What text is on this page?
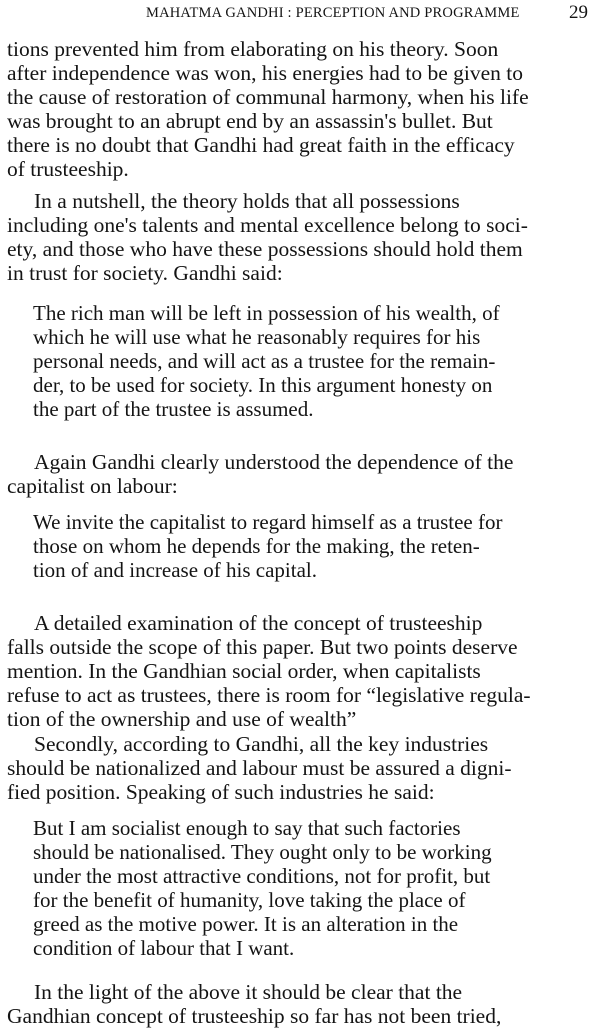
MAHATMA GANDHI : PERCEPTION AND PROGRAMME	29
tions prevented him from elaborating on his theory. Soon
after independence was won, his energies had to be given to
the cause of restoration of communal harmony, when his life
was brought to an abrupt end by an assassin's bullet. But
there is no doubt that Gandhi had great faith in the efficacy
of trusteeship.
In a nutshell, the theory holds that all possessions
including one's talents and mental excellence belong to soci-
ety, and those who have these possessions should hold them
in trust for society. Gandhi said:
The rich man will be left in possession of his wealth, of
which he will use what he reasonably requires for his
personal needs, and will act as a trustee for the remain-
der, to be used for society. In this argument honesty on
the part of the trustee is assumed.
Again Gandhi clearly understood the dependence of the
capitalist on labour:
We invite the capitalist to regard himself as a trustee for
those on whom he depends for the making, the reten-
tion of and increase of his capital.
A detailed examination of the concept of trusteeship
falls outside the scope of this paper. But two points deserve
mention. In the Gandhian social order, when capitalists
refuse to act as trustees, there is room for “legislative regula-
tion of the ownership and use of wealth”
Secondly, according to Gandhi, all the key industries
should be nationalized and labour must be assured a digni-
fied position. Speaking of such industries he said:
But I am socialist enough to say that such factories
should be nationalised. They ought only to be working
under the most attractive conditions, not for profit, but
for the benefit of humanity, love taking the place of
greed as the motive power. It is an alteration in the
condition of labour that I want.
In the light of the above it should be clear that the
Gandhian concept of trusteeship so far has not been tried,
